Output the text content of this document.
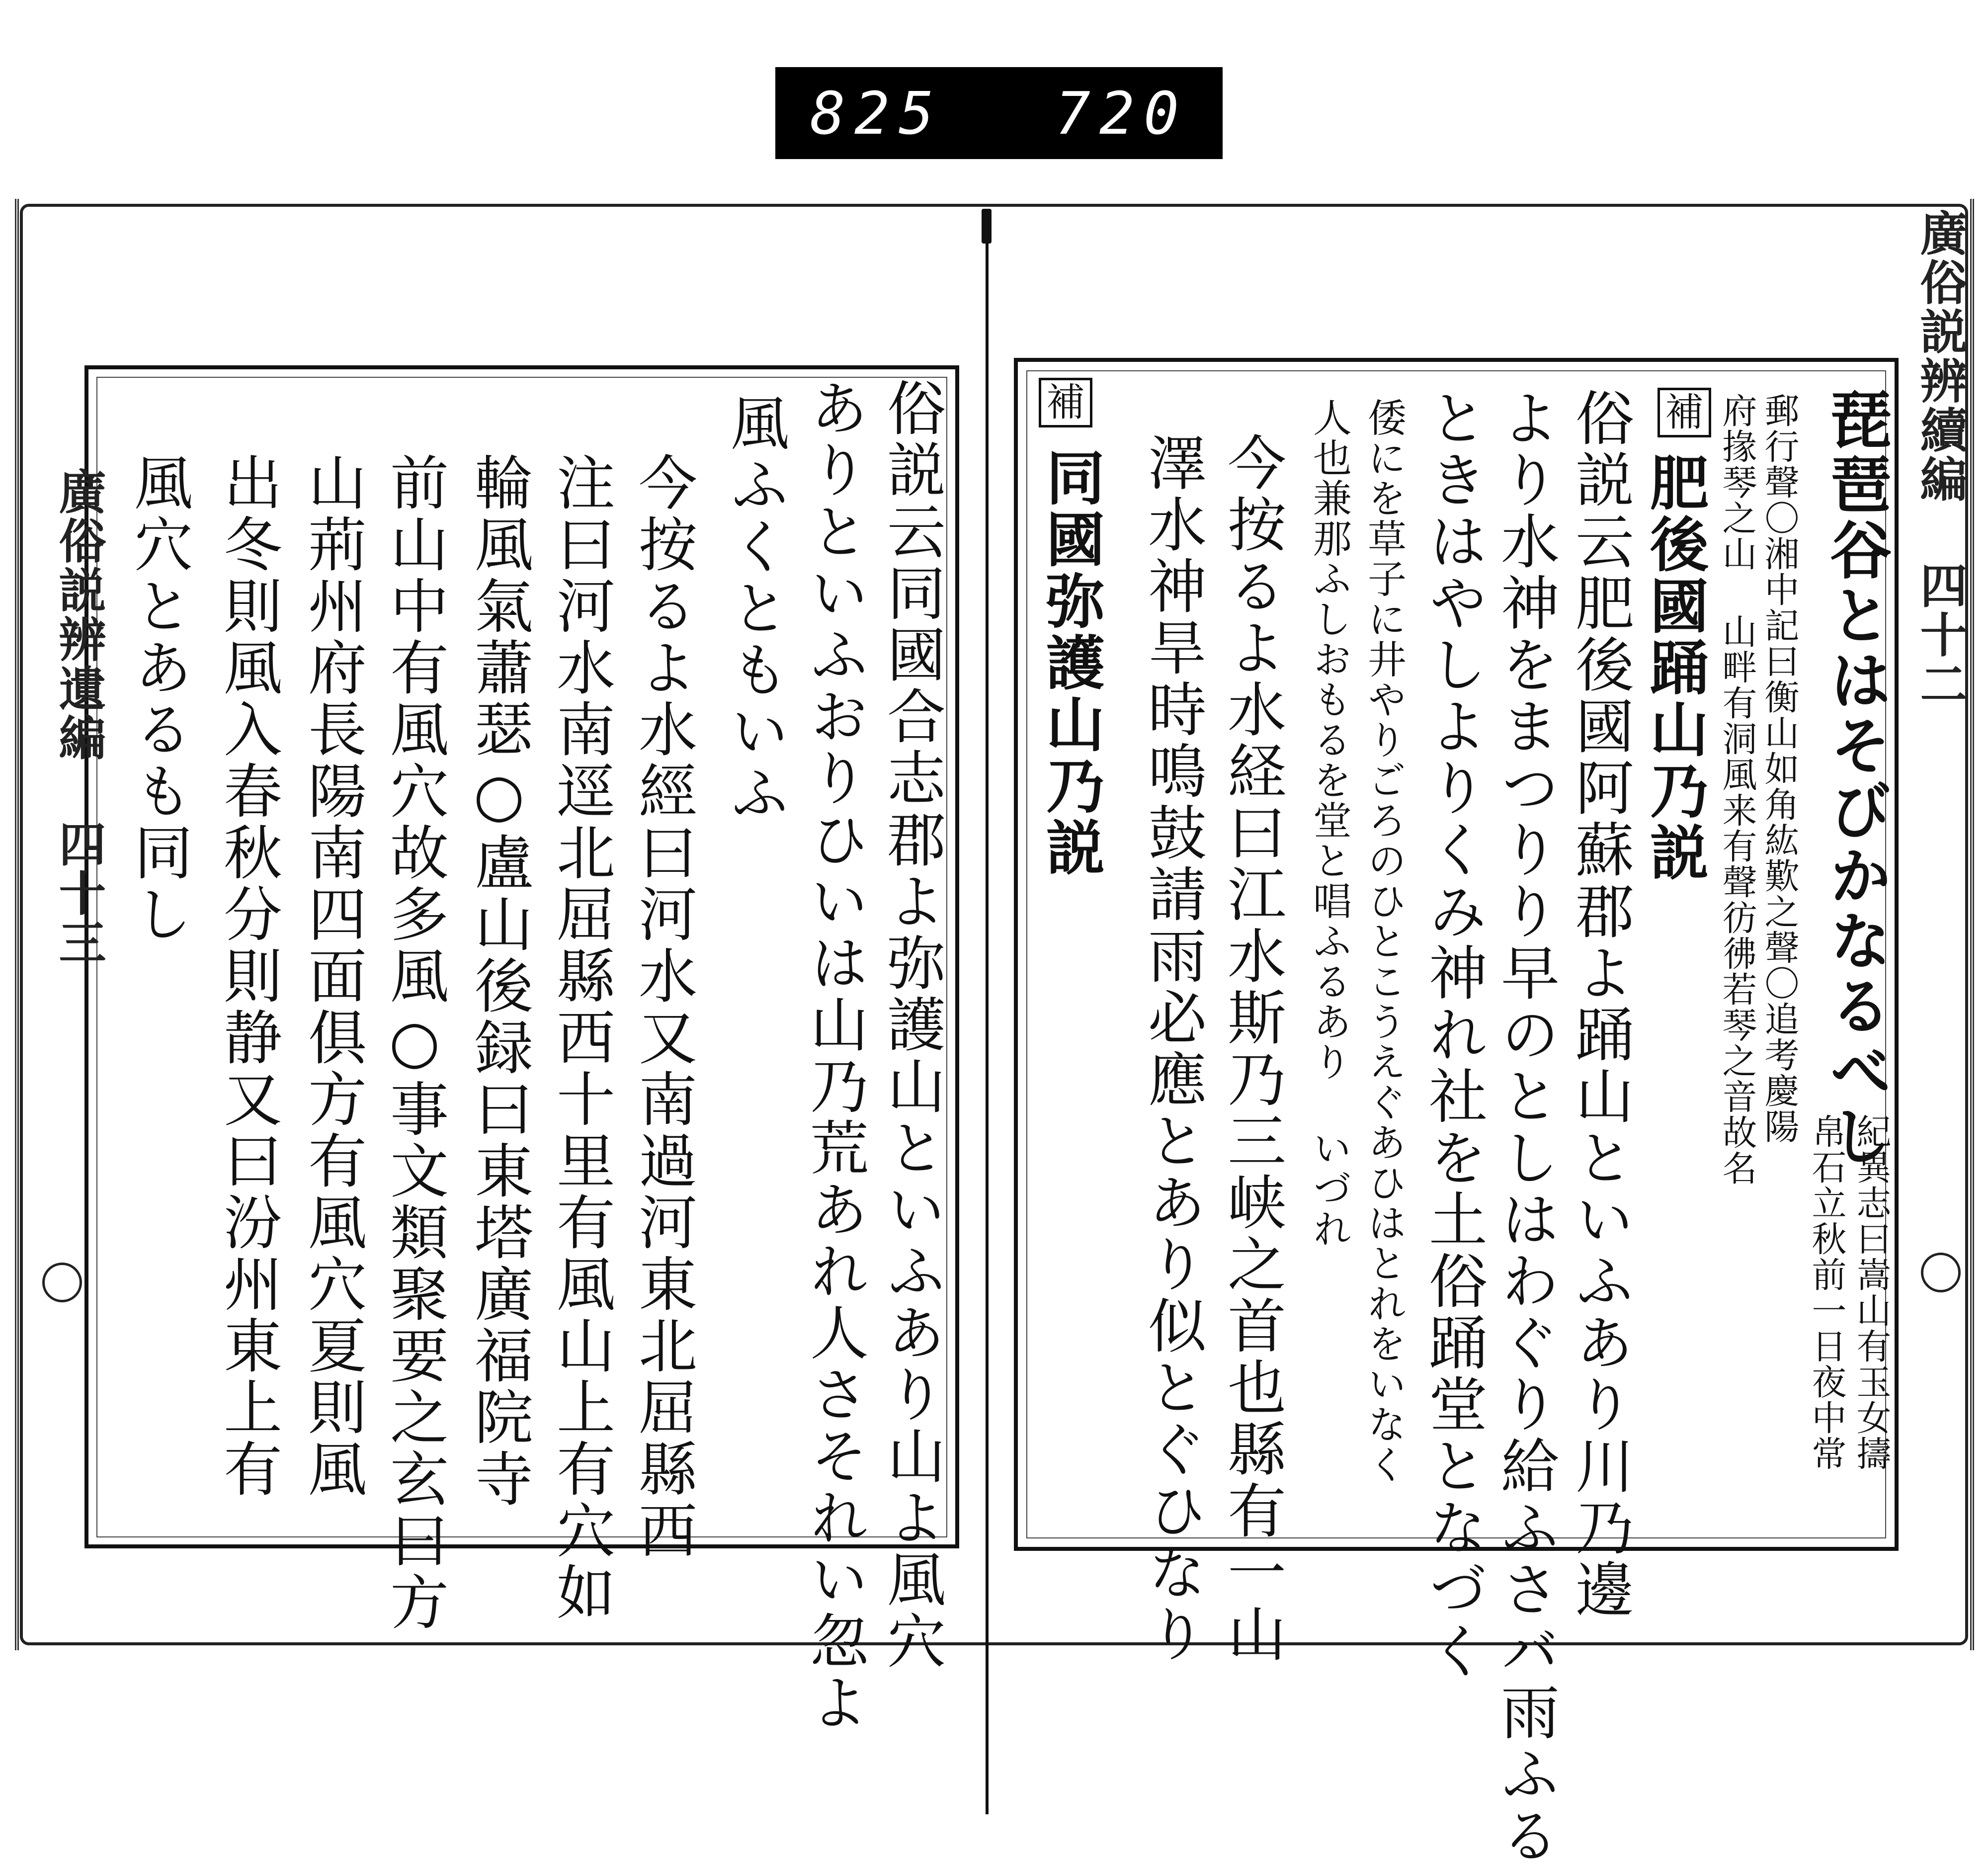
825 720
廣俗説辨遺編 四十三
廣俗説辨續編 四十二
琵琶谷とはそびかなるべし
郵行聲〇湘中記曰衡山如角紘歎之聲〇追考慶陽
府掾琴之山 山畔有洞風来有聲彷彿若琴之音故名
紀異志曰嵩山有玉女擣
帛石立秋前一日夜中常
補
肥後國踊山乃説
俗説云肥後國阿蘇郡よ踊山といふあり川乃邊
より水神をまつりり早のとしはわぐり給ふさバ雨ふる
ときはやしよりくみ神れ社を土俗踊堂となづく
倭にを草子に井やりごろのひとこうえぐあひはとれをいなく
人也兼那ふしおもるを堂と唱ふるあり いづれ
今按るよ水経曰江水斯乃三峡之首也縣有一山
澤水神旱時鳴鼓請雨必應とあり似とぐひなり
補
同國弥護山乃説
俗説云同國合志郡よ弥護山といふあり山よ風穴
ありといふおりひいは山乃荒あれ人さそれい忽よ
風ふくともいふ
今按るよ水經曰河水又南過河東北屈縣西
注曰河水南逕北屈縣西十里有風山上有穴如
輪風氣蕭瑟○盧山後録曰東塔廣福院寺
前山中有風穴故多風○事文類聚要之玄曰方
山荊州府長陽南四面俱方有風穴夏則風
出冬則風入春秋分則静又曰汾州東上有
風穴とあるも同し
